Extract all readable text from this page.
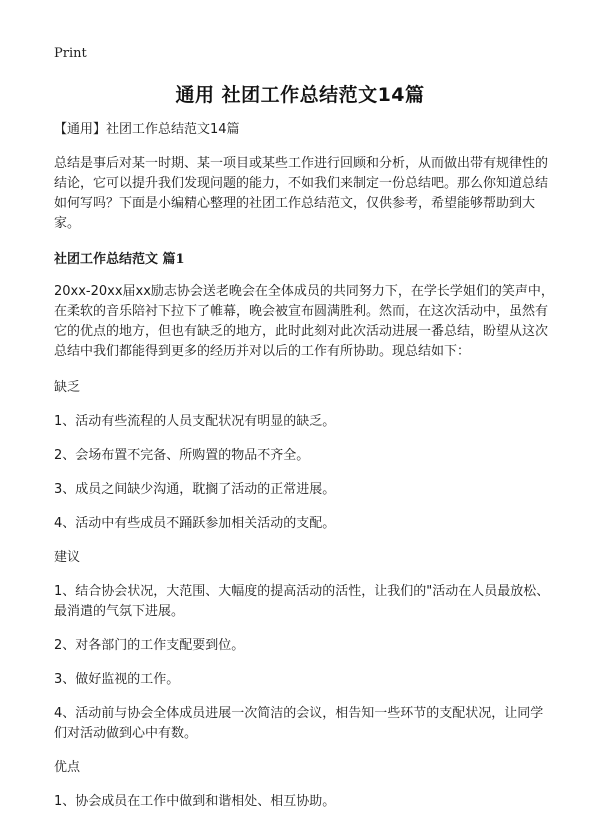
Print
通用 社团工作总结范文14篇

【通用】社团工作总结范文14篇

总结是事后对某一时期、某一项目或某些工作进行回顾和分析，从而做出带有规律性的结论，它可以提升我们发现问题的能力，不如我们来制定一份总结吧。那么你知道总结如何写吗？下面是小编精心整理的社团工作总结范文，仅供参考，希望能够帮助到大家。

社团工作总结范文 篇1

20xx-20xx届xx励志协会送老晚会在全体成员的共同努力下，在学长学姐们的笑声中，在柔软的音乐陪衬下拉下了帷幕，晚会被宣布圆满胜利。然而，在这次活动中，虽然有它的优点的地方，但也有缺乏的地方，此时此刻对此次活动进展一番总结，盼望从这次总结中我们都能得到更多的经历并对以后的工作有所协助。现总结如下：

缺乏

1、活动有些流程的人员支配状况有明显的缺乏。

2、会场布置不完备、所购置的物品不齐全。

3、成员之间缺少沟通，耽搁了活动的正常进展。

4、活动中有些成员不踊跃参加相关活动的支配。

建议

1、结合协会状况，大范围、大幅度的提高活动的活性，让我们的"活动在人员最放松、最消遣的气氛下进展。

2、对各部门的工作支配要到位。

3、做好监视的工作。

4、活动前与协会全体成员进展一次简洁的会议，相告知一些环节的支配状况，让同学们对活动做到心中有数。

优点

1、协会成员在工作中做到和谐相处、相互协助。
